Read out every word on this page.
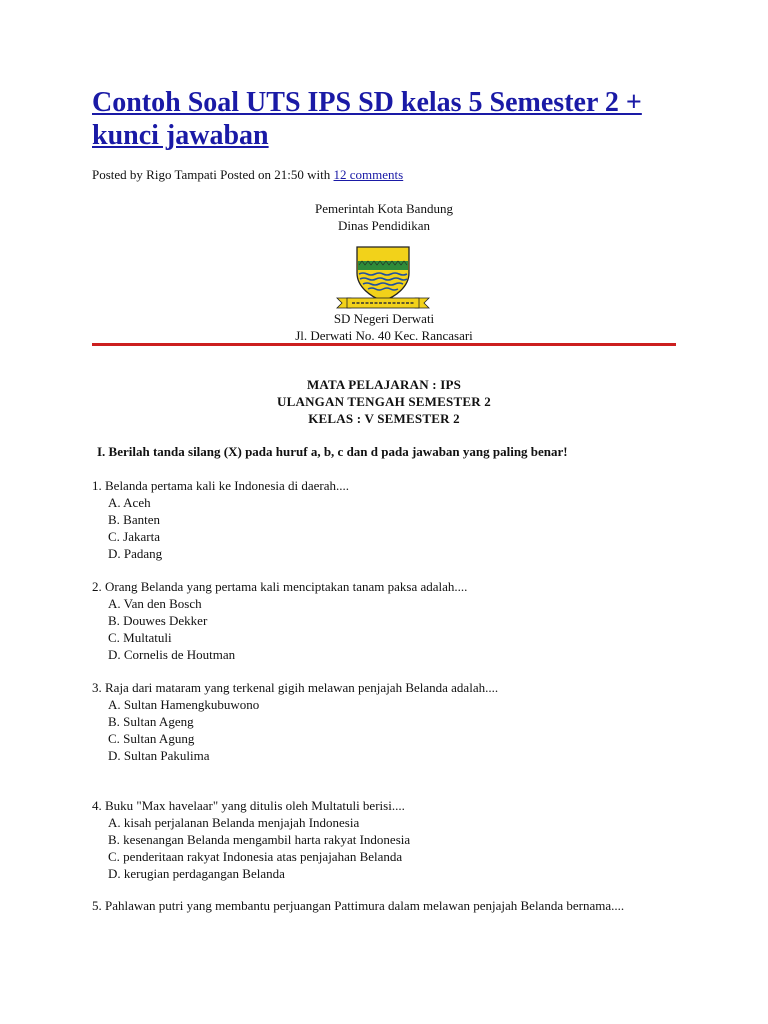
Contoh Soal UTS IPS SD kelas 5 Semester 2 + kunci jawaban
Posted by Rigo Tampati Posted on 21:50 with 12 comments
Pemerintah Kota Bandung
Dinas Pendidikan
SD Negeri Derwati
Jl. Derwati No. 40 Kec. Rancasari
MATA PELAJARAN : IPS
ULANGAN TENGAH SEMESTER 2
KELAS : V SEMESTER 2
I. Berilah tanda silang (X) pada huruf a, b, c dan d pada jawaban yang paling benar!
1. Belanda pertama kali ke Indonesia di daerah....
A. Aceh
B. Banten
C. Jakarta
D. Padang
2. Orang Belanda yang pertama kali menciptakan tanam paksa adalah....
A. Van den Bosch
B. Douwes Dekker
C. Multatuli
D. Cornelis de Houtman
3. Raja dari mataram yang terkenal gigih melawan penjajah Belanda adalah....
A. Sultan Hamengkubuwono
B. Sultan Ageng
C. Sultan Agung
D. Sultan Pakulima
4. Buku "Max havelaar" yang ditulis oleh Multatuli berisi....
A. kisah perjalanan Belanda menjajah Indonesia
B. kesenangan Belanda mengambil harta rakyat Indonesia
C. penderitaan rakyat Indonesia atas penjajahan Belanda
D. kerugian perdagangan Belanda
5. Pahlawan putri yang membantu perjuangan Pattimura dalam melawan penjajah Belanda bernama....
